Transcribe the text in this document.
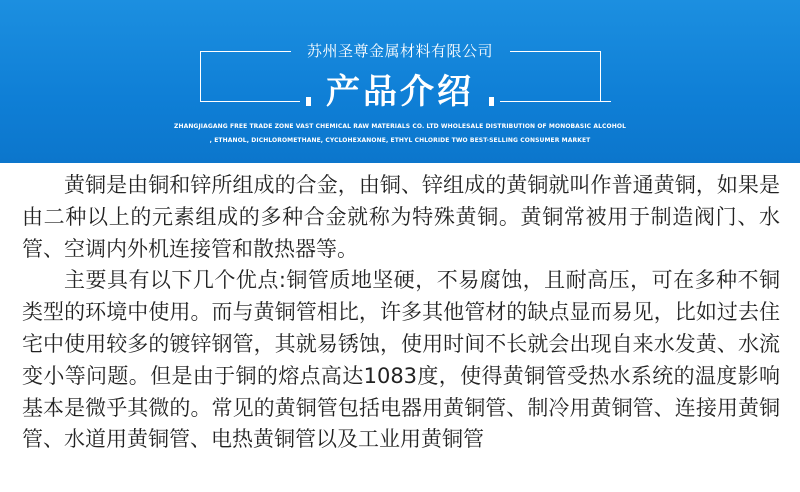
苏州圣尊金属材料有限公司
产品介绍
ZHANGJIAGANG FREE TRADE ZONE VAST CHEMICAL RAW MATERIALS CO. LTD WHOLESALE DISTRIBUTION OF MONOBASIC ALCOHOL
, ETHANOL, DICHLOROMETHANE, CYCLOHEXANONE, ETHYL CHLORIDE TWO BEST-SELLING CONSUMER MARKET

黄铜是由铜和锌所组成的合金，由铜、锌组成的黄铜就叫作普通黄铜，如果是由二种以上的元素组成的多种合金就称为特殊黄铜。黄铜常被用于制造阀门、水管、空调内外机连接管和散热器等。

主要具有以下几个优点:铜管质地坚硬，不易腐蚀，且耐高压，可在多种不铜类型的环境中使用。而与黄铜管相比，许多其他管材的缺点显而易见，比如过去住宅中使用较多的镀锌钢管，其就易锈蚀，使用时间不长就会出现自来水发黄、水流变小等问题。但是由于铜的熔点高达1083度，使得黄铜管受热水系统的温度影响基本是微乎其微的。常见的黄铜管包括电器用黄铜管、制冷用黄铜管、连接用黄铜管、水道用黄铜管、电热黄铜管以及工业用黄铜管
